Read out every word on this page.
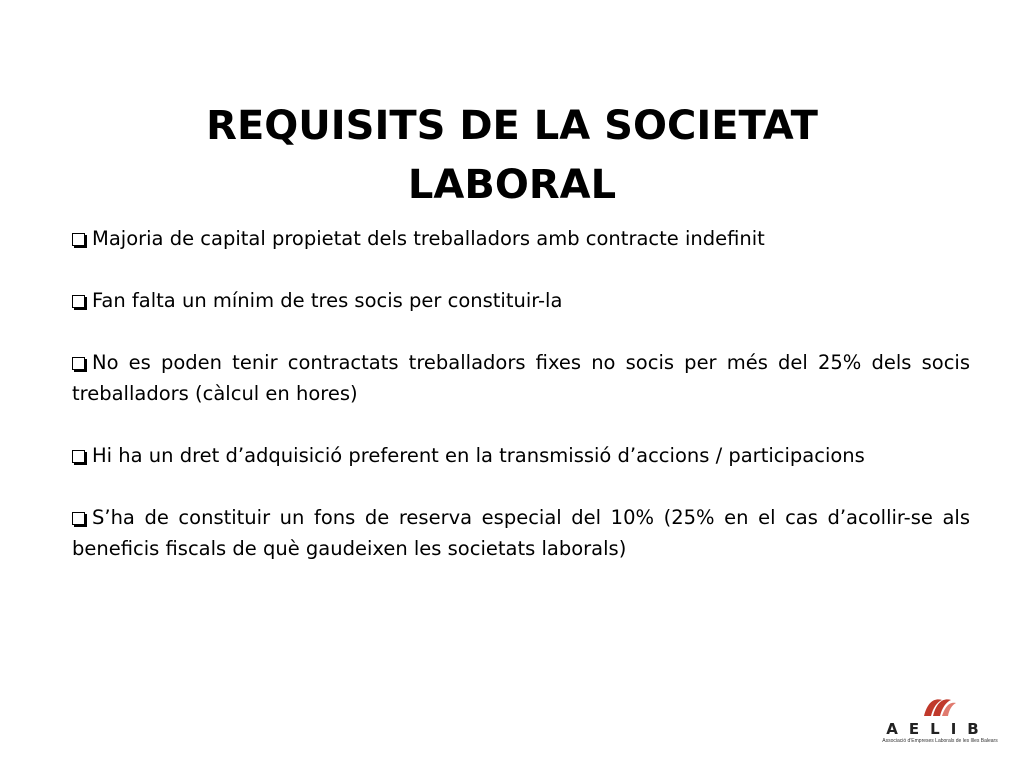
REQUISITS DE LA SOCIETAT
LABORAL
Majoria de capital propietat dels treballadors amb contracte indefinit
Fan falta un mínim de tres socis per constituir-la
No es poden tenir contractats treballadors fixes no socis per més del 25% dels socis treballadors (càlcul en hores)
Hi ha un dret d’adquisició preferent en la transmissió d’accions / participacions
S’ha de constituir un fons de reserva especial del 10% (25% en el cas d’acollir-se als beneficis fiscals de què gaudeixen les societats laborals)
AELIB
Associació d'Empreses Laborals de les Illes Balears
